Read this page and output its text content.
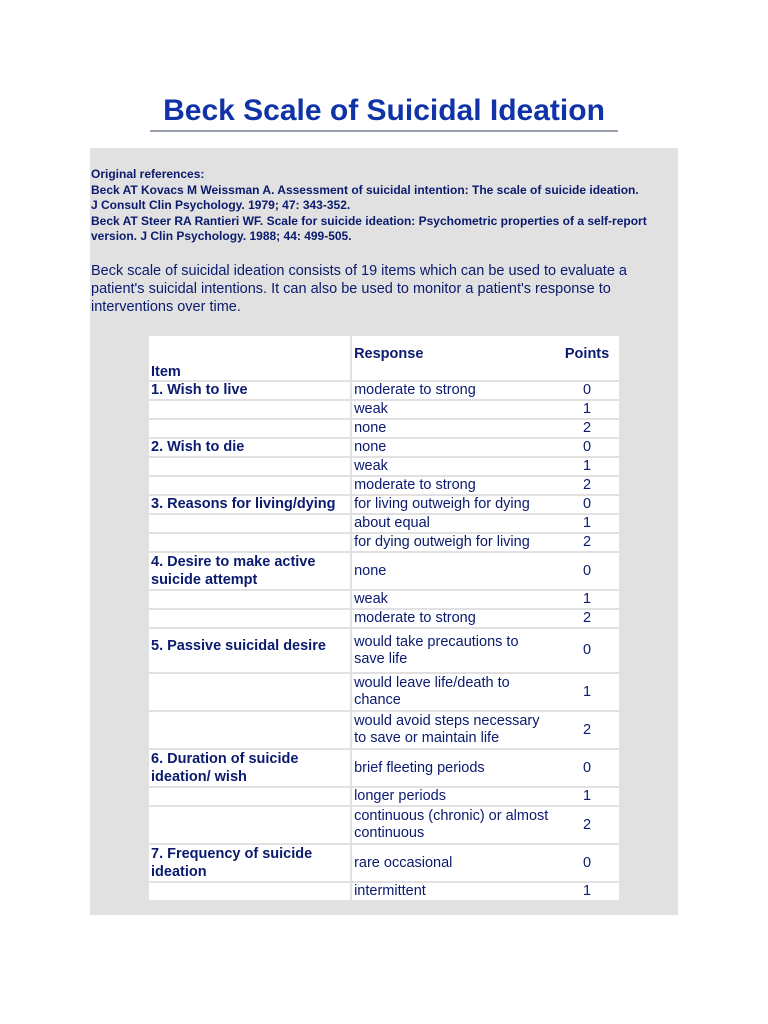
Beck Scale of Suicidal Ideation
Original references:
Beck AT Kovacs M Weissman A. Assessment of suicidal intention: The scale of suicide ideation.
J Consult Clin Psychology. 1979; 47: 343-352.
Beck AT Steer RA Rantieri WF. Scale for suicide ideation: Psychometric properties of a self-report
version. J Clin Psychology. 1988; 44: 499-505.
Beck scale of suicidal ideation consists of 19 items which can be used to evaluate a patient's suicidal intentions. It can also be used to monitor a patient's response to interventions over time.
Item	Response	Points
1. Wish to live	moderate to strong	0
	weak	1
	none	2
2. Wish to die	none	0
	weak	1
	moderate to strong	2
3. Reasons for living/dying	for living outweigh for dying	0
	about equal	1
	for dying outweigh for living	2
4. Desire to make active suicide attempt	none	0
	weak	1
	moderate to strong	2
5. Passive suicidal desire	would take precautions to save life	0
	would leave life/death to chance	1
	would avoid steps necessary to save or maintain life	2
6. Duration of suicide ideation/ wish	brief fleeting periods	0
	longer periods	1
	continuous (chronic) or almost continuous	2
7. Frequency of suicide ideation	rare occasional	0
	intermittent	1
